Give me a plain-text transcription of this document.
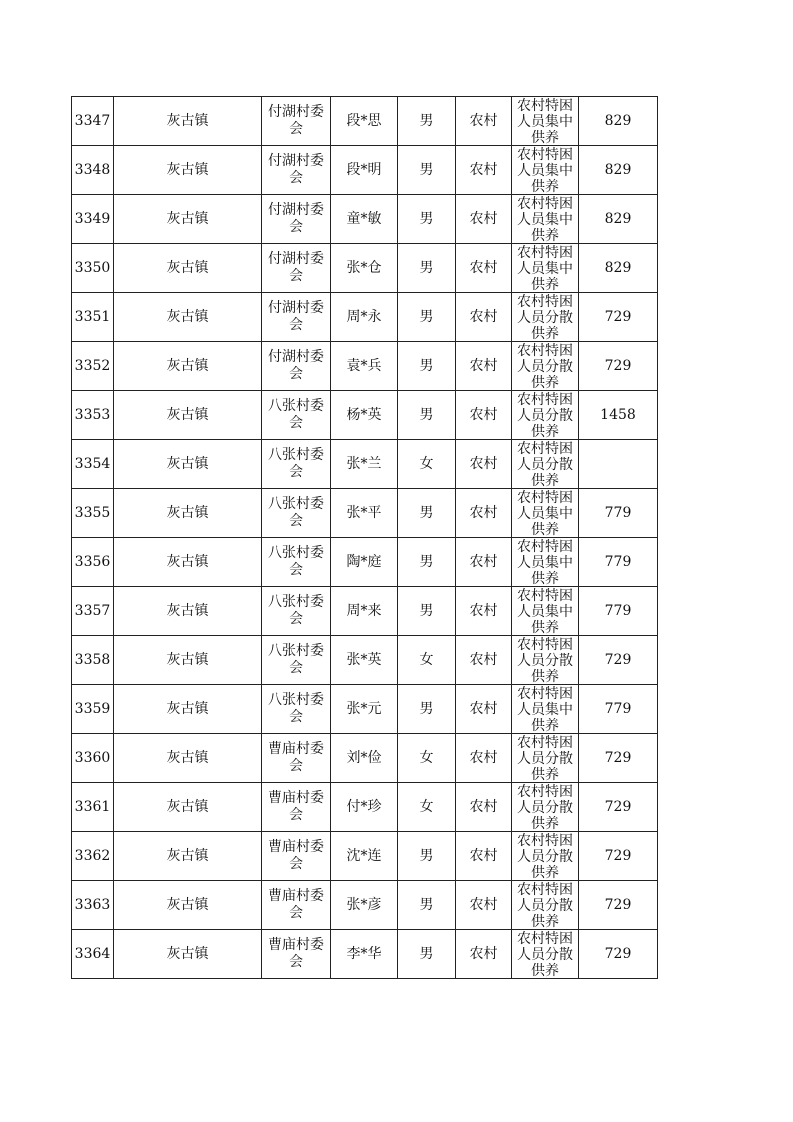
3347	灰古镇	付湖村委会	段*思	男	农村	农村特困人员集中供养	829
3348	灰古镇	付湖村委会	段*明	男	农村	农村特困人员集中供养	829
3349	灰古镇	付湖村委会	童*敏	男	农村	农村特困人员集中供养	829
3350	灰古镇	付湖村委会	张*仓	男	农村	农村特困人员集中供养	829
3351	灰古镇	付湖村委会	周*永	男	农村	农村特困人员分散供养	729
3352	灰古镇	付湖村委会	袁*兵	男	农村	农村特困人员分散供养	729
3353	灰古镇	八张村委会	杨*英	男	农村	农村特困人员分散供养	1458
3354	灰古镇	八张村委会	张*兰	女	农村	农村特困人员分散供养	

3355	灰古镇	八张村委会	张*平	男	农村	农村特困人员集中供养	779
3356	灰古镇	八张村委会	陶*庭	男	农村	农村特困人员集中供养	779
3357	灰古镇	八张村委会	周*来	男	农村	农村特困人员集中供养	779
3358	灰古镇	八张村委会	张*英	女	农村	农村特困人员分散供养	729
3359	灰古镇	八张村委会	张*元	男	农村	农村特困人员集中供养	779
3360	灰古镇	曹庙村委会	刘*俭	女	农村	农村特困人员分散供养	729
3361	灰古镇	曹庙村委会	付*珍	女	农村	农村特困人员分散供养	729
3362	灰古镇	曹庙村委会	沈*连	男	农村	农村特困人员分散供养	729
3363	灰古镇	曹庙村委会	张*彦	男	农村	农村特困人员分散供养	729
3364	灰古镇	曹庙村委会	李*华	男	农村	农村特困人员分散供养	729
